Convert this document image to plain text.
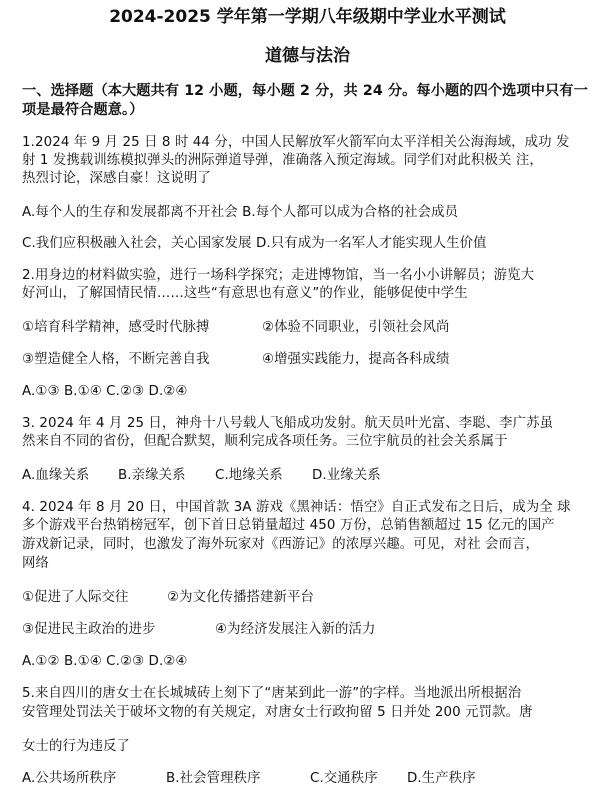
2024-2025 学年第一学期八年级期中学业水平测试
道德与法治
一、选择题（本大题共有 12 小题，每小题 2 分，共 24 分。每小题的四个选项中只有一
项是最符合题意。）
1.2024 年 9 月 25 日 8 时 44 分，中国人民解放军火箭军向太平洋相关公海海域，成功 发
射 1 发携载训练模拟弹头的洲际弹道导弹，准确落入预定海域。同学们对此积极关 注，
热烈讨论，深感自豪！这说明了
A.每个人的生存和发展都离不开社会 B.每个人都可以成为合格的社会成员
C.我们应积极融入社会，关心国家发展 D.只有成为一名军人才能实现人生价值
2.用身边的材料做实验，进行一场科学探究；走进博物馆，当一名小小讲解员；游览大
好河山，了解国情民情……这些“有意思也有意义”的作业，能够促使中学生
①培育科学精神，感受时代脉搏	②体验不同职业，引领社会风尚
③塑造健全人格，不断完善自我	④增强实践能力，提高各科成绩
A.①③ B.①④ C.②③ D.②④
3. 2024 年 4 月 25 日，神舟十八号载人飞船成功发射。航天员叶光富、李聪、李广苏虽
然来自不同的省份，但配合默契，顺利完成各项任务。三位宇航员的社会关系属于
A.血缘关系 B.亲缘关系 C.地缘关系 D.业缘关系
4. 2024 年 8 月 20 日，中国首款 3A 游戏《黑神话：悟空》自正式发布之日后，成为全 球
多个游戏平台热销榜冠军，创下首日总销量超过 450 万份，总销售额超过 15 亿元的国产
游戏新记录，同时，也激发了海外玩家对《西游记》的浓厚兴趣。可见，对社 会而言，
网络
①促进了人际交往	②为文化传播搭建新平台
③促进民主政治的进步	④为经济发展注入新的活力
A.①② B.①④ C.②③ D.②④
5.来自四川的唐女士在长城城砖上刻下了“唐某到此一游”的字样。当地派出所根据治
安管理处罚法关于破坏文物的有关规定，对唐女士行政拘留 5 日并处 200 元罚款。唐
女士的行为违反了
A.公共场所秩序	B.社会管理秩序	C.交通秩序 D.生产秩序
